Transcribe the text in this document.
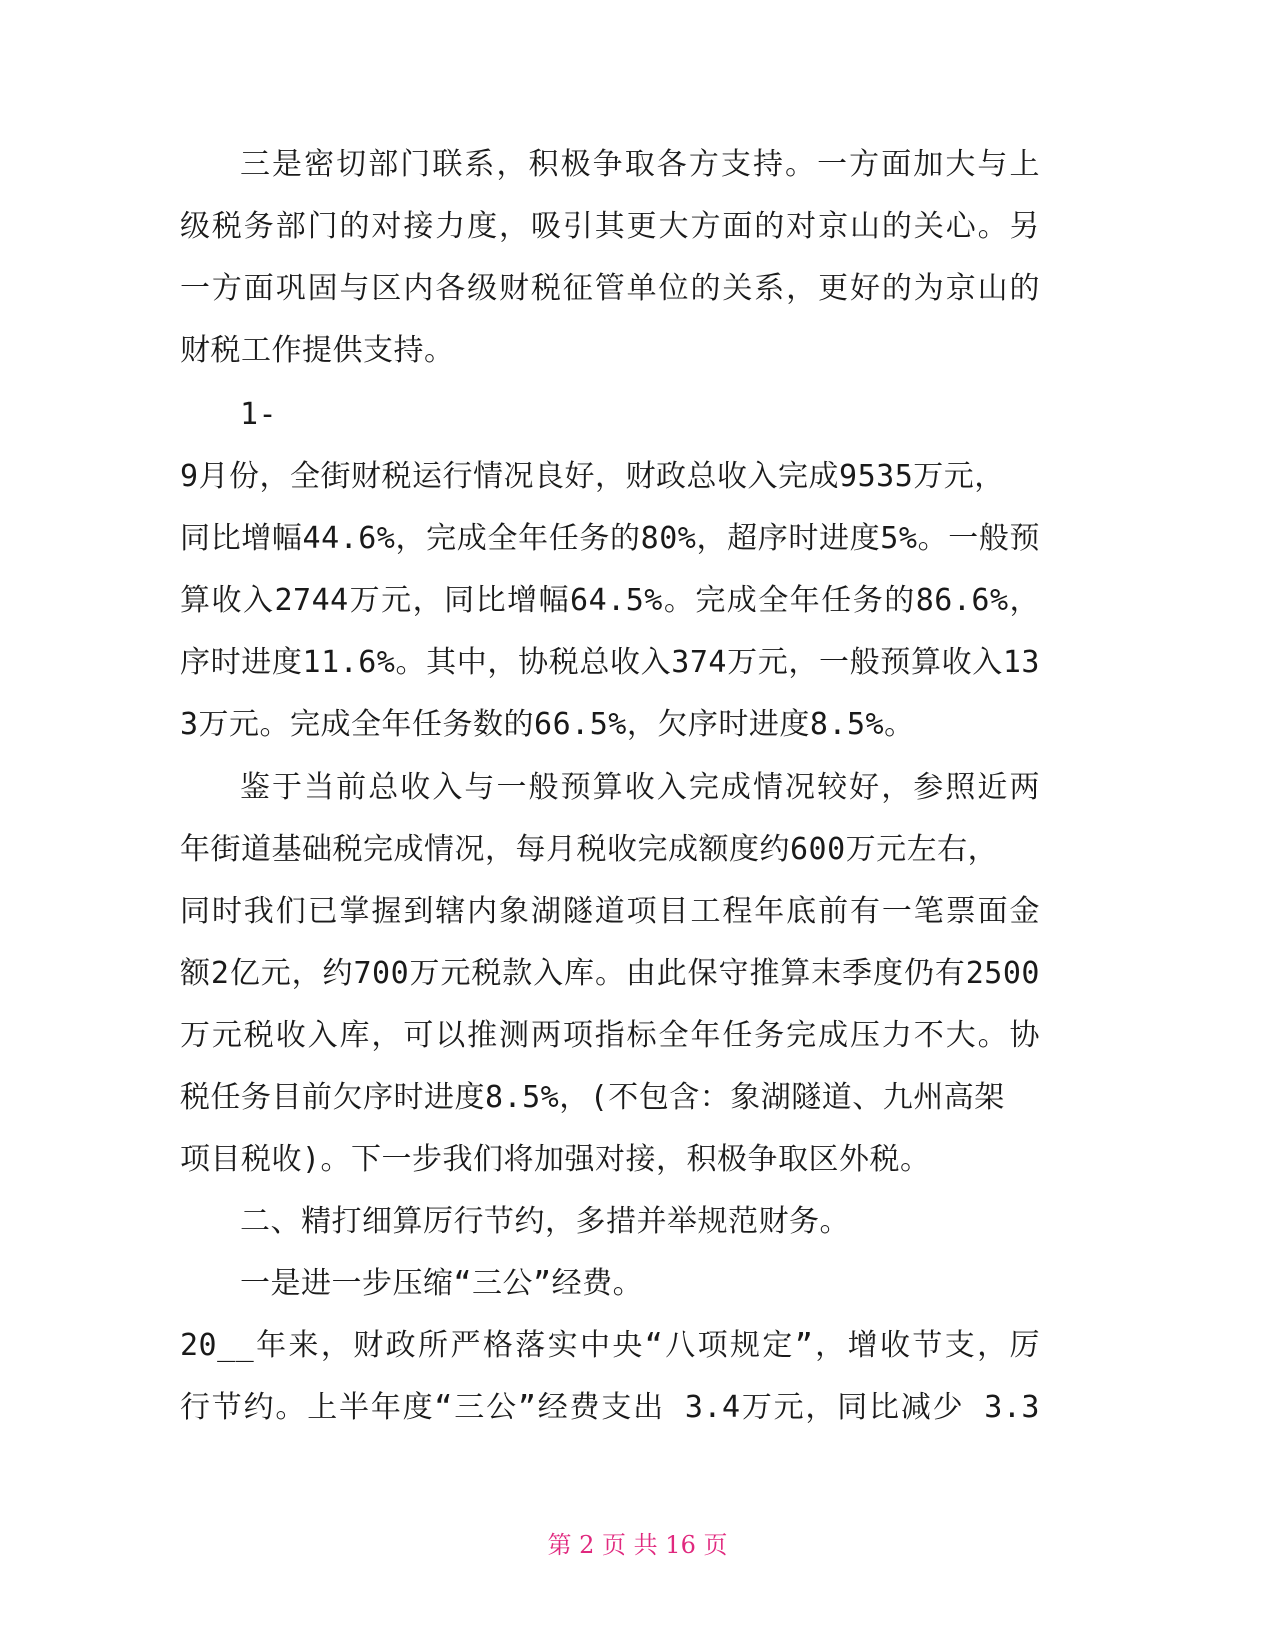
三是密切部门联系，积极争取各方支持。一方面加大与上
级税务部门的对接力度，吸引其更大方面的对京山的关心。另
一方面巩固与区内各级财税征管单位的关系，更好的为京山的
财税工作提供支持。
1-
9月份，全街财税运行情况良好，财政总收入完成9535万元，
同比增幅44.6%，完成全年任务的80%，超序时进度5%。一般预
算收入2744万元，同比增幅64.5%。完成全年任务的86.6%，
序时进度11.6%。其中，协税总收入374万元，一般预算收入13
3万元。完成全年任务数的66.5%，欠序时进度8.5%。
鉴于当前总收入与一般预算收入完成情况较好，参照近两
年街道基础税完成情况，每月税收完成额度约600万元左右，
同时我们已掌握到辖内象湖隧道项目工程年底前有一笔票面金
额2亿元，约700万元税款入库。由此保守推算末季度仍有2500
万元税收入库，可以推测两项指标全年任务完成压力不大。协
税任务目前欠序时进度8.5%，(不包含：象湖隧道、九州高架
项目税收)。下一步我们将加强对接，积极争取区外税。
二、精打细算厉行节约，多措并举规范财务。
一是进一步压缩“三公”经费。
20__年来，财政所严格落实中央“八项规定”，增收节支，厉
行节约。上半年度“三公”经费支出 3.4万元，同比减少 3.3
第 2 页 共 16 页
